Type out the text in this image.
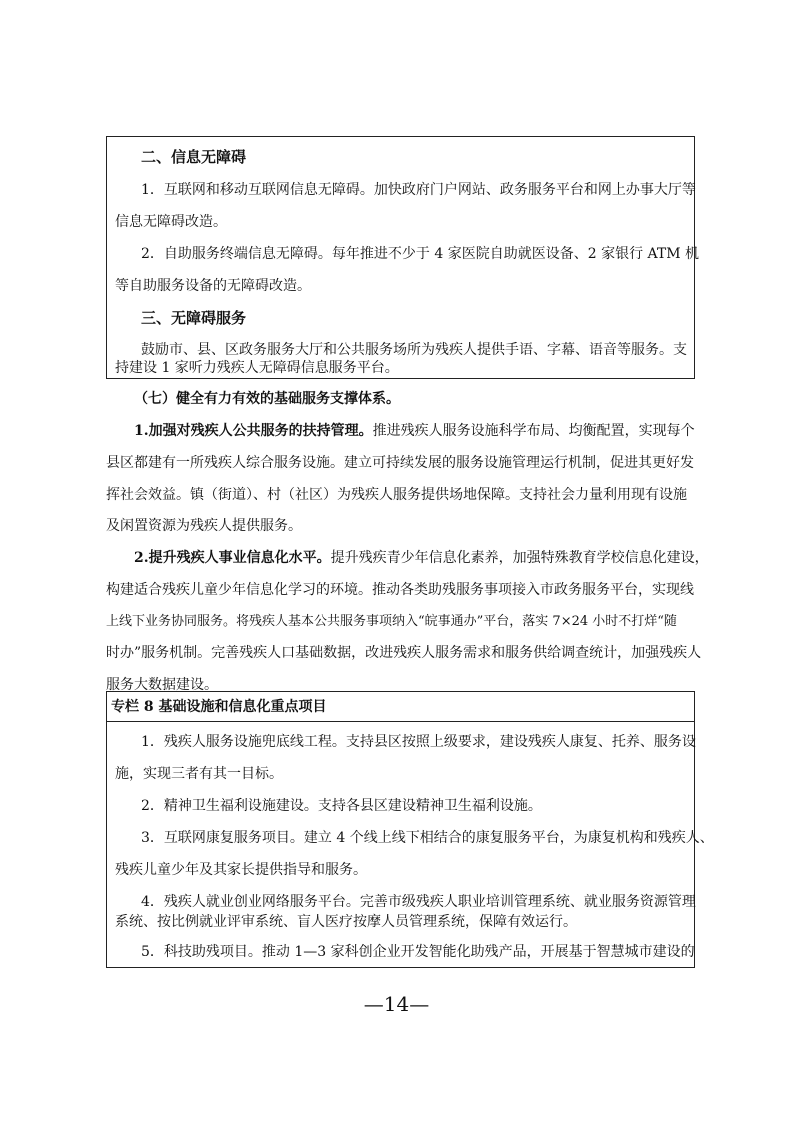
二、信息无障碍
1．互联网和移动互联网信息无障碍。加快政府门户网站、政务服务平台和网上办事大厅等
信息无障碍改造。
2．自助服务终端信息无障碍。每年推进不少于 4 家医院自助就医设备、2 家银行 ATM 机
等自助服务设备的无障碍改造。
三、无障碍服务
鼓励市、县、区政务服务大厅和公共服务场所为残疾人提供手语、字幕、语音等服务。支
持建设 1 家听力残疾人无障碍信息服务平台。
（七）健全有力有效的基础服务支撑体系。
1.加强对残疾人公共服务的扶持管理。推进残疾人服务设施科学布局、均衡配置，实现每个
县区都建有一所残疾人综合服务设施。建立可持续发展的服务设施管理运行机制，促进其更好发
挥社会效益。镇（街道）、村（社区）为残疾人服务提供场地保障。支持社会力量利用现有设施
及闲置资源为残疾人提供服务。
2.提升残疾人事业信息化水平。提升残疾青少年信息化素养，加强特殊教育学校信息化建设，
构建适合残疾儿童少年信息化学习的环境。推动各类助残服务事项接入市政务服务平台，实现线
上线下业务协同服务。将残疾人基本公共服务事项纳入“皖事通办”平台，落实 7×24 小时不打烊“随
时办”服务机制。完善残疾人口基础数据，改进残疾人服务需求和服务供给调查统计，加强残疾人
服务大数据建设。
专栏 8 基础设施和信息化重点项目
1．残疾人服务设施兜底线工程。支持县区按照上级要求，建设残疾人康复、托养、服务设
施，实现三者有其一目标。
2．精神卫生福利设施建设。支持各县区建设精神卫生福利设施。
3．互联网康复服务项目。建立 4 个线上线下相结合的康复服务平台，为康复机构和残疾人、
残疾儿童少年及其家长提供指导和服务。
4．残疾人就业创业网络服务平台。完善市级残疾人职业培训管理系统、就业服务资源管理
系统、按比例就业评审系统、盲人医疗按摩人员管理系统，保障有效运行。
5．科技助残项目。推动 1—3 家科创企业开发智能化助残产品，开展基于智慧城市建设的
—14—
